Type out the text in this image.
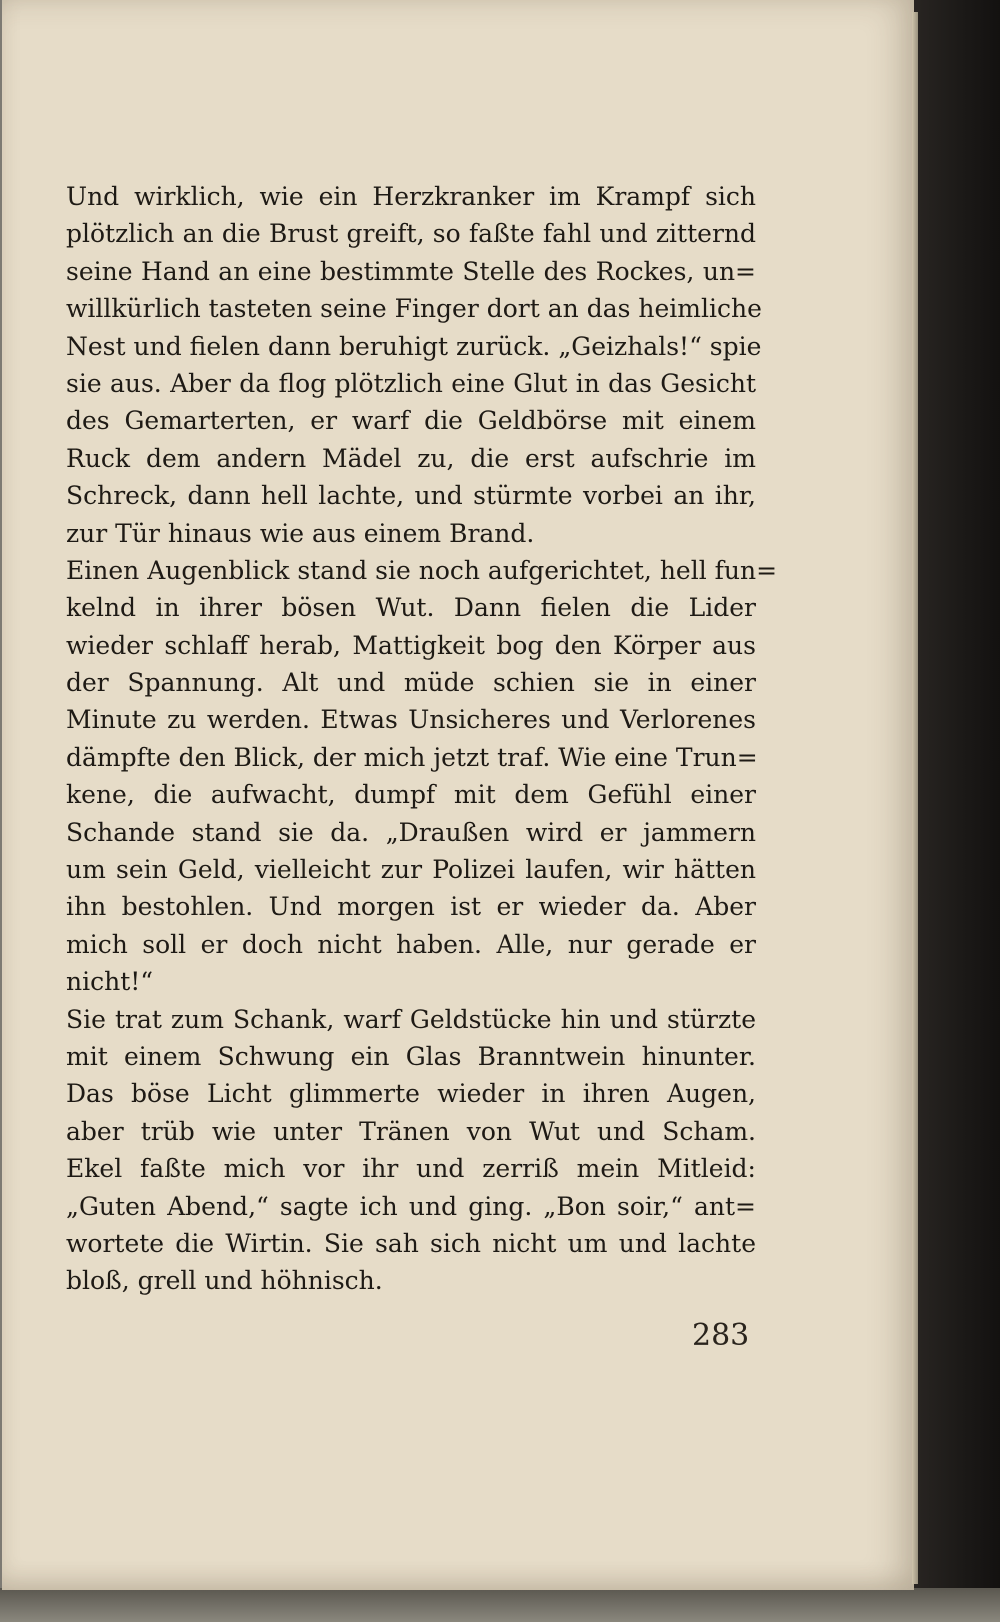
Und wirklich, wie ein Herzkranker im Krampf sich
plötzlich an die Brust greift, so faßte fahl und zitternd
seine Hand an eine bestimmte Stelle des Rockes, un=
willkürlich tasteten seine Finger dort an das heimliche
Nest und fielen dann beruhigt zurück. „Geizhals!“ spie
sie aus. Aber da flog plötzlich eine Glut in das Gesicht
des Gemarterten, er warf die Geldbörse mit einem
Ruck dem andern Mädel zu, die erst aufschrie im
Schreck, dann hell lachte, und stürmte vorbei an ihr,
zur Tür hinaus wie aus einem Brand.
Einen Augenblick stand sie noch aufgerichtet, hell fun=
kelnd in ihrer bösen Wut. Dann fielen die Lider
wieder schlaff herab, Mattigkeit bog den Körper aus
der Spannung. Alt und müde schien sie in einer
Minute zu werden. Etwas Unsicheres und Verlorenes
dämpfte den Blick, der mich jetzt traf. Wie eine Trun=
kene, die aufwacht, dumpf mit dem Gefühl einer
Schande stand sie da. „Draußen wird er jammern
um sein Geld, vielleicht zur Polizei laufen, wir hätten
ihn bestohlen. Und morgen ist er wieder da. Aber
mich soll er doch nicht haben. Alle, nur gerade er
nicht!“
Sie trat zum Schank, warf Geldstücke hin und stürzte
mit einem Schwung ein Glas Branntwein hinunter.
Das böse Licht glimmerte wieder in ihren Augen,
aber trüb wie unter Tränen von Wut und Scham.
Ekel faßte mich vor ihr und zerriß mein Mitleid:
„Guten Abend,“ sagte ich und ging. „Bon soir,“ ant=
wortete die Wirtin. Sie sah sich nicht um und lachte
bloß, grell und höhnisch.
283
